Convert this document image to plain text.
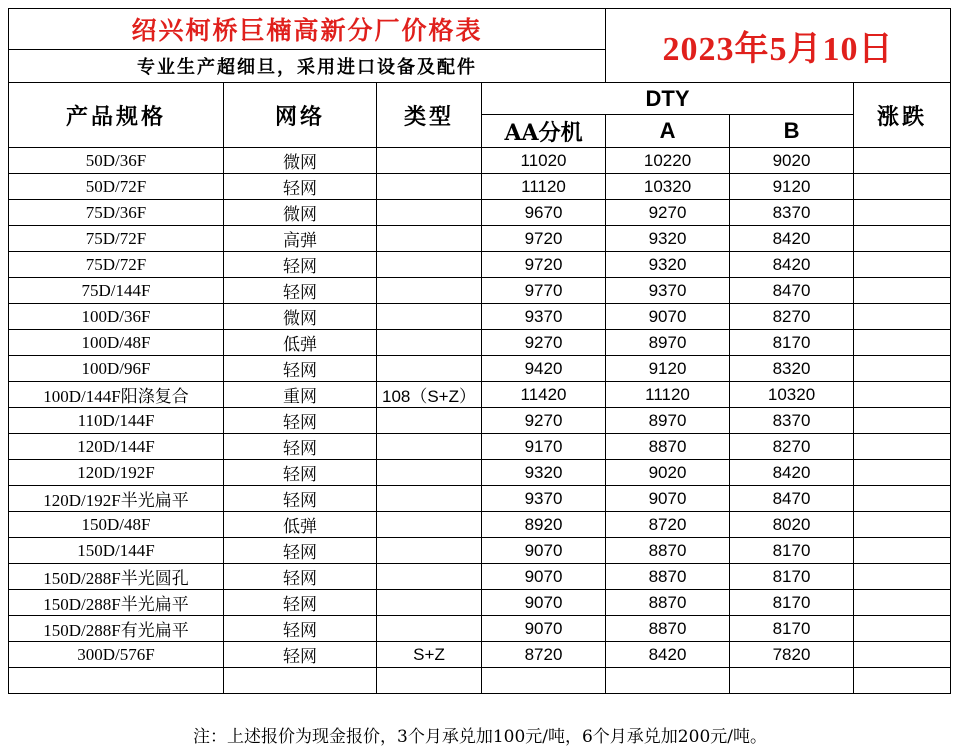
绍兴柯桥巨楠高新分厂价格表				2023年5月10日		
专业生产超细旦，采用进口设备及配件						
产品规格	网络	类型	DTY			涨跌
			AA分机	A	B	
50D/36F	微网		11020	10220	9020	
50D/72F	轻网		11120	10320	9120	
75D/36F	微网		9670	9270	8370	
75D/72F	高弹		9720	9320	8420	
75D/72F	轻网		9720	9320	8420	
75D/144F	轻网		9770	9370	8470	
100D/36F	微网		9370	9070	8270	
100D/48F	低弹		9270	8970	8170	
100D/96F	轻网		9420	9120	8320	
100D/144F阳涤复合	重网	108（S+Z）	11420	11120	10320	
110D/144F	轻网		9270	8970	8370	
120D/144F	轻网		9170	8870	8270	
120D/192F	轻网		9320	9020	8420	
120D/192F半光扁平	轻网		9370	9070	8470	
150D/48F	低弹		8920	8720	8020	
150D/144F	轻网		9070	8870	8170	
150D/288F半光圆孔	轻网		9070	8870	8170	
150D/288F半光扁平	轻网		9070	8870	8170	
150D/288F有光扁平	轻网		9070	8870	8170	
300D/576F	轻网	S+Z	8720	8420	7820	

注：上述报价为现金报价，3个月承兑加100元/吨，6个月承兑加200元/吨。
